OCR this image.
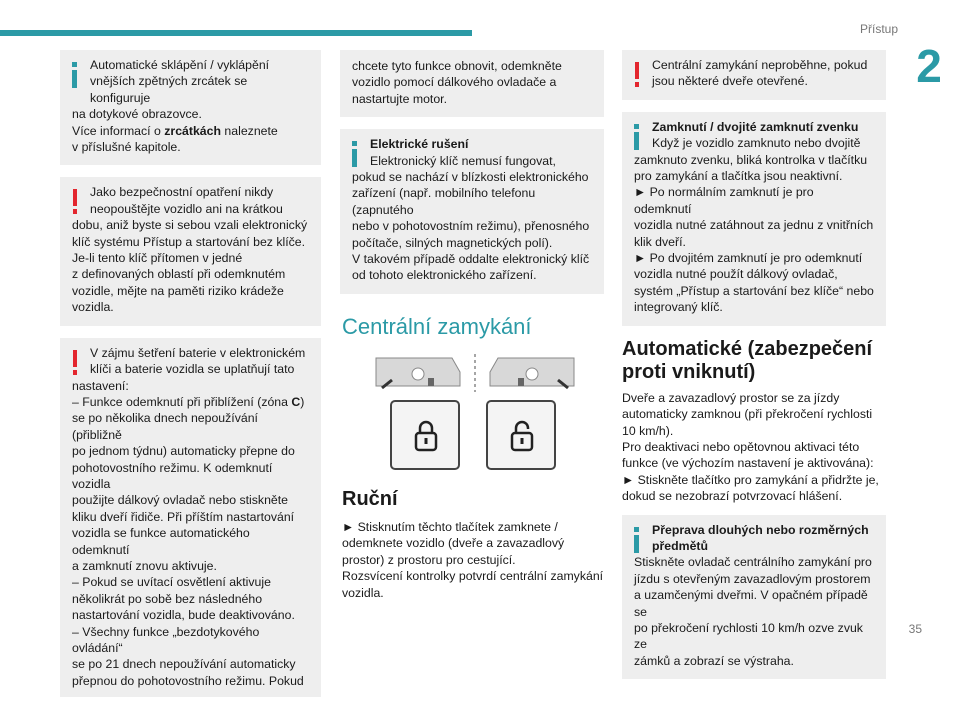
Přístup
2
35

Automatické sklápění / vyklápění
vnějších zpětných zrcátek se konfiguruje

na dotykové obrazovce.
Více informací o zrcátkách naleznete
v příslušné kapitole.

Jako bezpečnostní opatření nikdy
neopouštějte vozidlo ani na krátkou

dobu, aniž byste si sebou vzali elektronický
klíč systému Přístup a startování bez klíče.
Je-li tento klíč přítomen v jedné
z definovaných oblastí při odemknutém
vozidle, mějte na paměti riziko krádeže
vozidla.

V zájmu šetření baterie v elektronickém
klíči a baterie vozidla se uplatňují tato

nastavení:
– Funkce odemknutí při přiblížení (zóna C)
se po několika dnech nepoužívání (přibližně
po jednom týdnu) automaticky přepne do
pohotovostního režimu. K odemknutí vozidla
použijte dálkový ovladač nebo stiskněte
kliku dveří řidiče. Při příštím nastartování
vozidla se funkce automatického odemknutí
a zamknutí znovu aktivuje.
– Pokud se uvítací osvětlení aktivuje
několikrát po sobě bez následného
nastartování vozidla, bude deaktivováno.
– Všechny funkce „bezdotykového ovládání“
se po 21 dnech nepoužívání automaticky
přepnou do pohotovostního režimu. Pokud

chcete tyto funkce obnovit, odemkněte
vozidlo pomocí dálkového ovladače a
nastartujte motor.

Elektrické rušení

Elektronický klíč nemusí fungovat,

pokud se nachází v blízkosti elektronického
zařízení (např. mobilního telefonu (zapnutého
nebo v pohotovostním režimu), přenosného
počítače, silných magnetických polí).
V takovém případě oddalte elektronický klíč
od tohoto elektronického zařízení.

Centrální zamykání
Ruční

► Stisknutím těchto tlačítek zamknete /
odemknete vozidlo (dveře a zavazadlový
prostor) z prostoru pro cestující.
Rozsvícení kontrolky potvrdí centrální zamykání
vozidla.

Centrální zamykání neproběhne, pokud
jsou některé dveře otevřené.

Zamknutí / dvojité zamknutí zvenku

Když je vozidlo zamknuto nebo dvojitě

zamknuto zvenku, bliká kontrolka v tlačítku
pro zamykání a tlačítka jsou neaktivní.
► Po normálním zamknutí je pro odemknutí
vozidla nutné zatáhnout za jednu z vnitřních
klik dveří.
► Po dvojitém zamknutí je pro odemknutí
vozidla nutné použít dálkový ovladač,
systém „Přístup a startování bez klíče“ nebo
integrovaný klíč.

Automatické (zabezpečení
proti vniknutí)

Dveře a zavazadlový prostor se za jízdy
automaticky zamknou (při překročení rychlosti
10 km/h).
Pro deaktivaci nebo opětovnou aktivaci této
funkce (ve výchozím nastavení je aktivována):
► Stiskněte tlačítko pro zamykání a přidržte je,
dokud se nezobrazí potvrzovací hlášení.

Přeprava dlouhých nebo rozměrných
předmětů

Stiskněte ovladač centrálního zamykání pro
jízdu s otevřeným zavazadlovým prostorem
a uzamčenými dveřmi. V opačném případě se
po překročení rychlosti 10 km/h ozve zvuk ze
zámků a zobrazí se výstraha.
